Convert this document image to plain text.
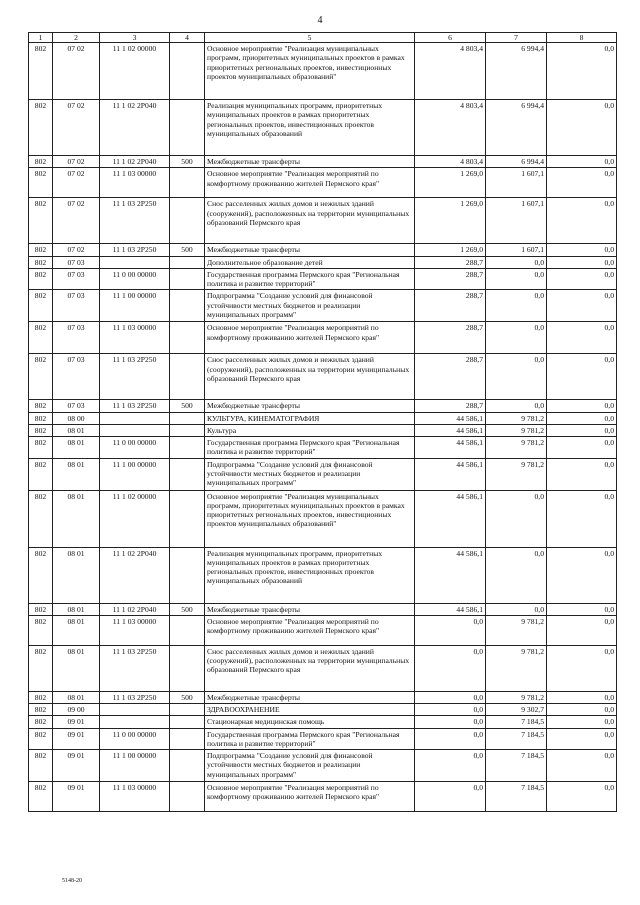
4
1	2	3	4	5	6	7	8
802	07 02	11 1 02 00000		Основное мероприятие "Реализация муниципальных программ, приоритетных муниципальных проектов в рамках приоритетных региональных проектов, инвестиционных проектов муниципальных образований"	4 803,4	6 994,4	0,0
802	07 02	11 1 02 2P040		Реализация муниципальных программ, приоритетных муниципальных проектов в рамках приоритетных региональных проектов, инвестиционных проектов муниципальных образований	4 803,4	6 994,4	0,0
802	07 02	11 1 02 2P040	500	Межбюджетные трансферты	4 803,4	6 994,4	0,0
802	07 02	11 1 03 00000		Основное мероприятие "Реализация мероприятий по комфортному проживанию жителей Пермского края"	1 269,0	1 607,1	0,0
802	07 02	11 1 03 2P250		Снос расселенных жилых домов и нежилых зданий (сооружений), расположенных на территории муниципальных образований Пермского края	1 269,0	1 607,1	0,0
802	07 02	11 1 03 2P250	500	Межбюджетные трансферты	1 269,0	1 607,1	0,0
802	07 03			Дополнительное образование детей	288,7	0,0	0,0
802	07 03	11 0 00 00000		Государственная программа Пермского края "Региональная политика и развитие территорий"	288,7	0,0	0,0
802	07 03	11 1 00 00000		Подпрограмма "Создание условий для финансовой устойчивости местных бюджетов и реализации муниципальных программ"	288,7	0,0	0,0
802	07 03	11 1 03 00000		Основное мероприятие "Реализация мероприятий по комфортному проживанию жителей Пермского края"	288,7	0,0	0,0
802	07 03	11 1 03 2P250		Снос расселенных жилых домов и нежилых зданий (сооружений), расположенных на территории муниципальных образований Пермского края	288,7	0,0	0,0
802	07 03	11 1 03 2P250	500	Межбюджетные трансферты	288,7	0,0	0,0
802	08 00			КУЛЬТУРА, КИНЕМАТОГРАФИЯ	44 586,1	9 781,2	0,0
802	08 01			Культура	44 586,1	9 781,2	0,0
802	08 01	11 0 00 00000		Государственная программа Пермского края "Региональная политика и развитие территорий"	44 586,1	9 781,2	0,0
802	08 01	11 1 00 00000		Подпрограмма "Создание условий для финансовой устойчивости местных бюджетов и реализации муниципальных программ"	44 586,1	9 781,2	0,0
802	08 01	11 1 02 00000		Основное мероприятие "Реализация муниципальных программ, приоритетных муниципальных проектов в рамках приоритетных региональных проектов, инвестиционных проектов муниципальных образований"	44 586,1	0,0	0,0
802	08 01	11 1 02 2P040		Реализация муниципальных программ, приоритетных муниципальных проектов в рамках приоритетных региональных проектов, инвестиционных проектов муниципальных образований	44 586,1	0,0	0,0
802	08 01	11 1 02 2P040	500	Межбюджетные трансферты	44 586,1	0,0	0,0
802	08 01	11 1 03 00000		Основное мероприятие "Реализация мероприятий по комфортному проживанию жителей Пермского края"	0,0	9 781,2	0,0
802	08 01	11 1 03 2P250		Снос расселенных жилых домов и нежилых зданий (сооружений), расположенных на территории муниципальных образований Пермского края	0,0	9 781,2	0,0
802	08 01	11 1 03 2P250	500	Межбюджетные трансферты	0,0	9 781,2	0,0
802	09 00			ЗДРАВООХРАНЕНИЕ	0,0	9 302,7	0,0
802	09 01			Стационарная медицинская помощь	0,0	7 184,5	0,0
802	09 01	11 0 00 00000		Государственная программа Пермского края "Региональная политика и развитие территорий"	0,0	7 184,5	0,0
802	09 01	11 1 00 00000		Подпрограмма "Создание условий для финансовой устойчивости местных бюджетов и реализации муниципальных программ"	0,0	7 184,5	0,0
802	09 01	11 1 03 00000		Основное мероприятие "Реализация мероприятий по комфортному проживанию жителей Пермского края"	0,0	7 184,5	0,0
5148-20
